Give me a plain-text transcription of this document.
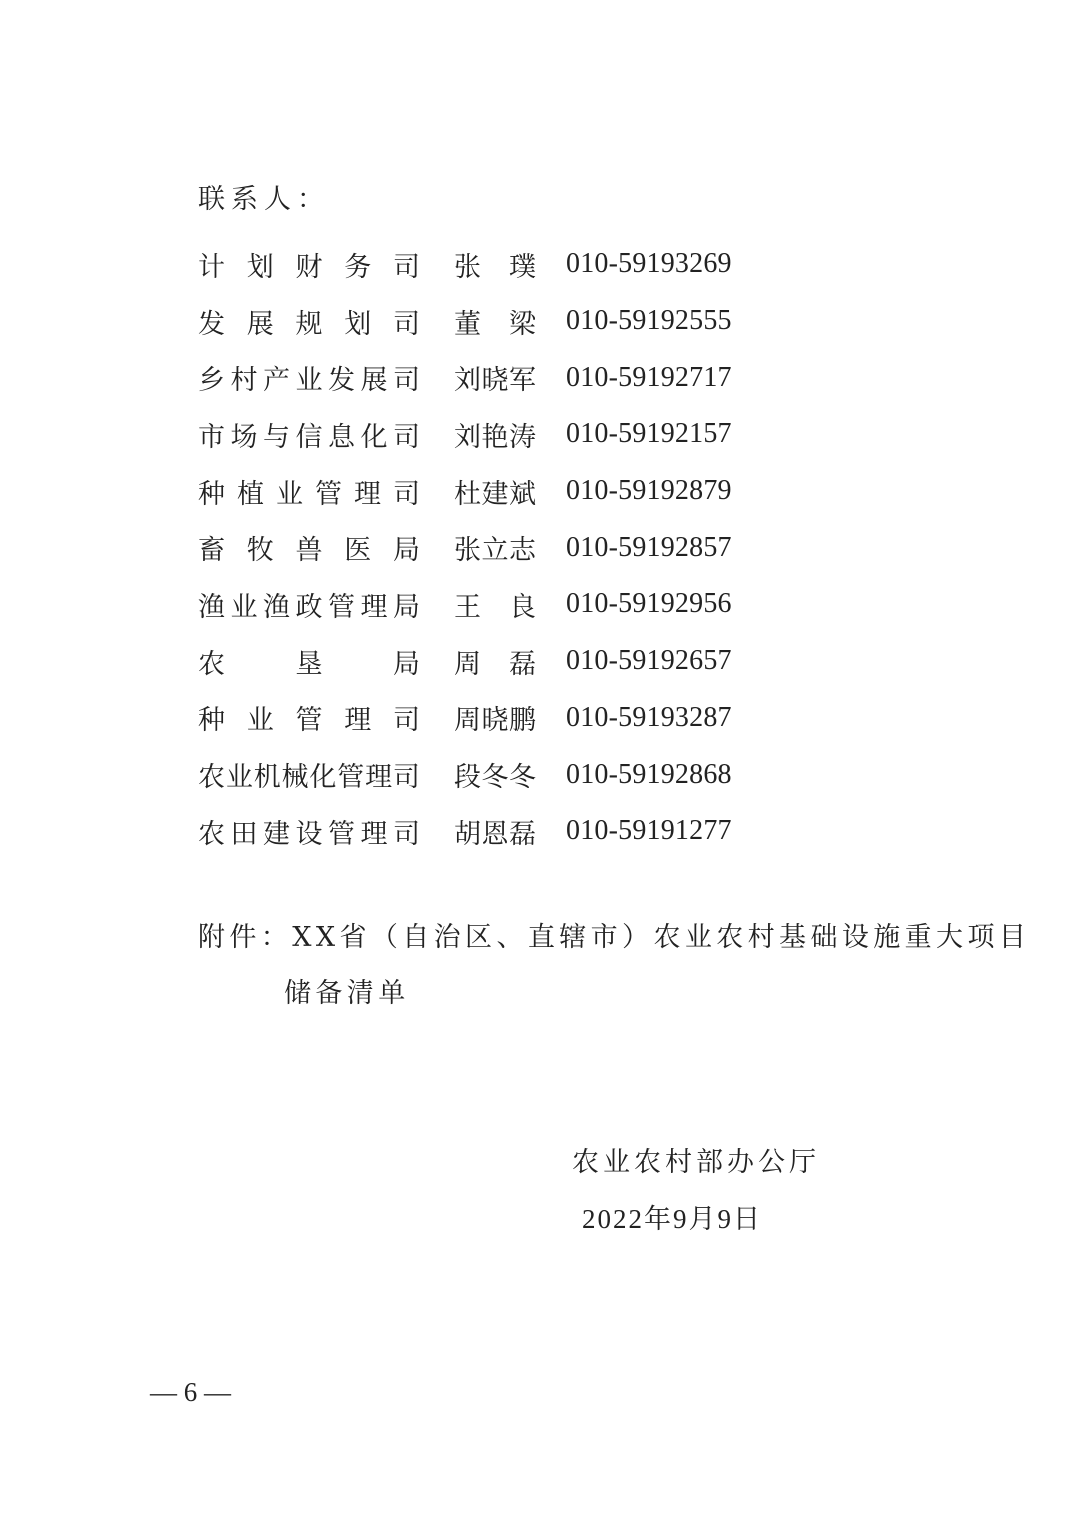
联系人：
计 划 财 务 司 张 璞 010-59193269
发 展 规 划 司 董 梁 010-59192555
乡 村 产 业 发 展 司 刘 晓 军 010-59192717
市 场 与 信 息 化 司 刘 艳 涛 010-59192157
种 植 业 管 理 司 杜 建 斌 010-59192879
畜 牧 兽 医 局 张 立 志 010-59192857
渔 业 渔 政 管 理 局 王 良 010-59192956
农	垦	局 周 磊 010-59192657
种 业 管 理 司 周 晓 鹏 010-59193287
农 业 机 械 化 管 理 司 段 冬 冬 010-59192868
农 田 建 设 管 理 司 胡 恩 磊 010-59191277
附件：XX省（自治区、直辖市）农业农村基础设施重大项目
储备清单
农业农村部办公厅
2022年9月9日
— 6 —
